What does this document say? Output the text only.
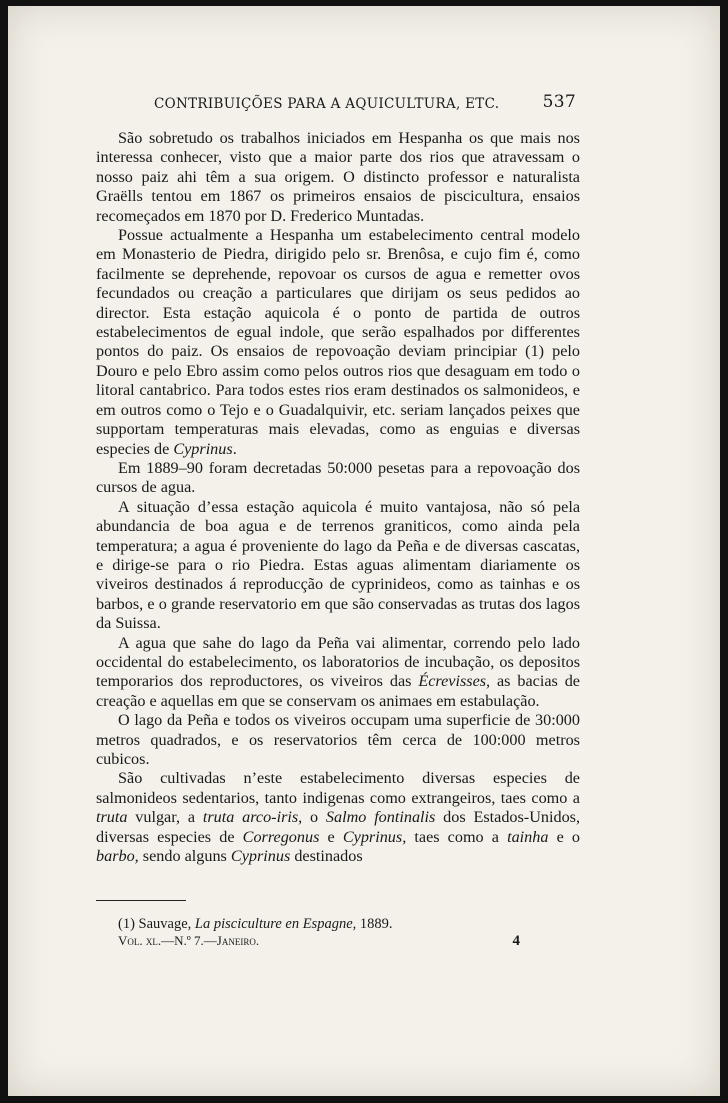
CONTRIBUIÇÕES PARA A AQUICULTURA, ETC.	537

São sobretudo os trabalhos iniciados em Hespanha os que mais nos interessa conhecer, visto que a maior parte dos rios que atravessam o nosso paiz ahi têm a sua origem. O distincto professor e naturalista Graëlls tentou em 1867 os primeiros ensaios de piscicultura, ensaios recomeçados em 1870 por D. Frederico Muntadas.

Possue actualmente a Hespanha um estabelecimento central modelo em Monasterio de Piedra, dirigido pelo sr. Brenôsa, e cujo fim é, como facilmente se deprehende, repovoar os cursos de agua e remetter ovos fecundados ou creação a particulares que dirijam os seus pedidos ao director. Esta estação aquicola é o ponto de partida de outros estabelecimentos de egual indole, que serão espalhados por differentes pontos do paiz. Os ensaios de repovoação deviam principiar (1) pelo Douro e pelo Ebro assim como pelos outros rios que desaguam em todo o litoral cantabrico. Para todos estes rios eram destinados os salmonideos, e em outros como o Tejo e o Guadalquivir, etc. seriam lançados peixes que supportam temperaturas mais elevadas, como as enguias e diversas especies de Cyprinus.

Em 1889–90 foram decretadas 50:000 pesetas para a repovoação dos cursos de agua.

A situação d’essa estação aquicola é muito vantajosa, não só pela abundancia de boa agua e de terrenos graniticos, como ainda pela temperatura; a agua é proveniente do lago da Peña e de diversas cascatas, e dirige-se para o rio Piedra. Estas aguas alimentam diariamente os viveiros destinados á reproducção de cyprinideos, como as tainhas e os barbos, e o grande reservatorio em que são conservadas as trutas dos lagos da Suissa.

A agua que sahe do lago da Peña vai alimentar, correndo pelo lado occidental do estabelecimento, os laboratorios de incubação, os depositos temporarios dos reproductores, os viveiros das Écrevisses, as bacias de creação e aquellas em que se conservam os animaes em estabulação.

O lago da Peña e todos os viveiros occupam uma superficie de 30:000 metros quadrados, e os reservatorios têm cerca de 100:000 metros cubicos.

São cultivadas n’este estabelecimento diversas especies de salmonideos sedentarios, tanto indigenas como extrangeiros, taes como a truta vulgar, a truta arco-iris, o Salmo fontinalis dos Estados-Unidos, diversas especies de Corregonus e Cyprinus, taes como a tainha e o barbo, sendo alguns Cyprinus destinados

(1) Sauvage, La pisciculture en Espagne, 1889.
Vol. xl.—N.º 7.—Janeiro.	4
